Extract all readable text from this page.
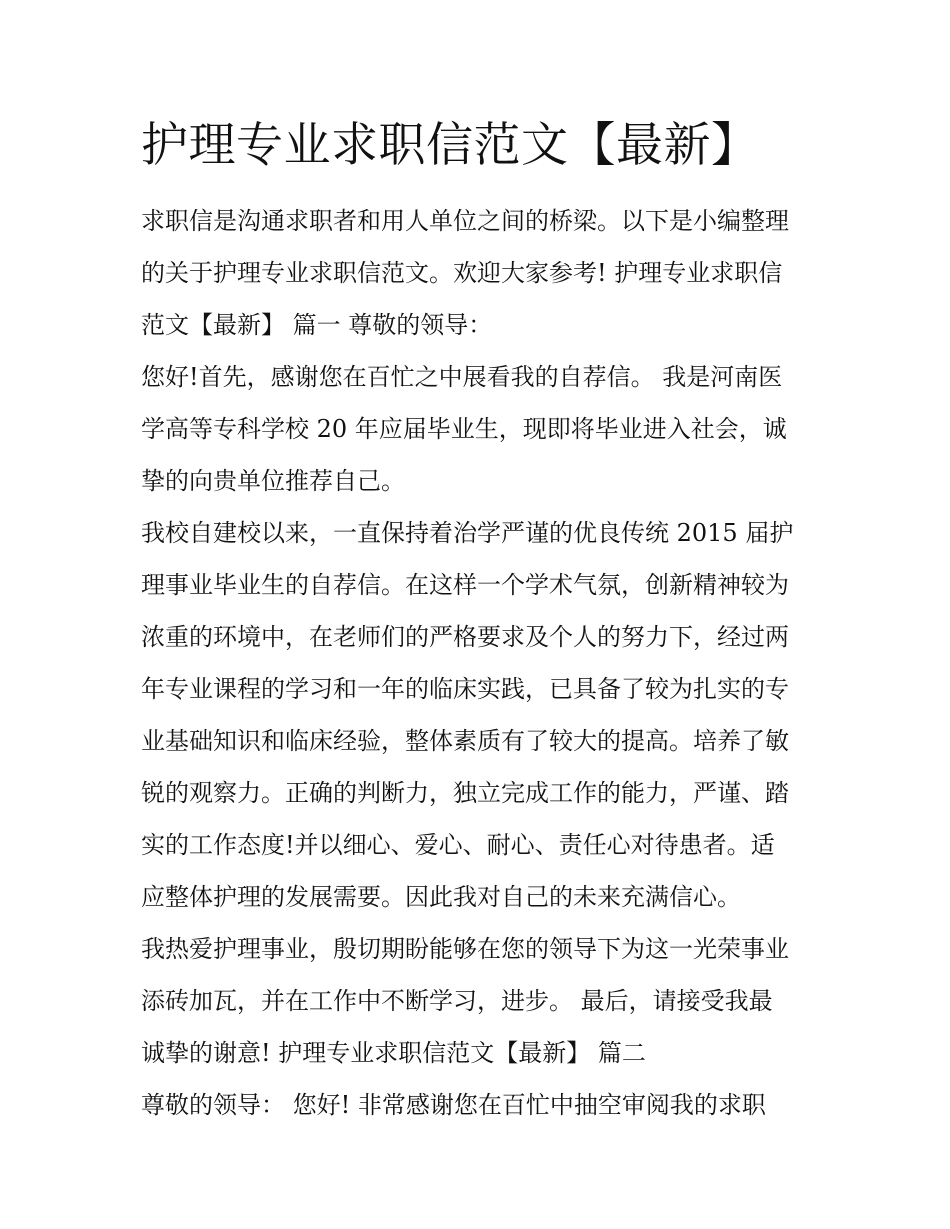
护理专业求职信范文【最新】
求职信是沟通求职者和用人单位之间的桥梁。以下是小编整理
的关于护理专业求职信范文。欢迎大家参考! 护理专业求职信
范文【最新】 篇一 尊敬的领导：
您好!首先，感谢您在百忙之中展看我的自荐信。 我是河南医
学高等专科学校 20 年应届毕业生，现即将毕业进入社会，诚
挚的向贵单位推荐自己。
我校自建校以来，一直保持着治学严谨的优良传统 2015 届护
理事业毕业生的自荐信。在这样一个学术气氛，创新精神较为
浓重的环境中，在老师们的严格要求及个人的努力下，经过两
年专业课程的学习和一年的临床实践，已具备了较为扎实的专
业基础知识和临床经验，整体素质有了较大的提高。培养了敏
锐的观察力。正确的判断力，独立完成工作的能力，严谨、踏
实的工作态度!并以细心、爱心、耐心、责任心对待患者。适
应整体护理的发展需要。因此我对自己的未来充满信心。
我热爱护理事业，殷切期盼能够在您的领导下为这一光荣事业
添砖加瓦，并在工作中不断学习，进步。 最后，请接受我最
诚挚的谢意! 护理专业求职信范文【最新】 篇二
尊敬的领导： 您好! 非常感谢您在百忙中抽空审阅我的求职
